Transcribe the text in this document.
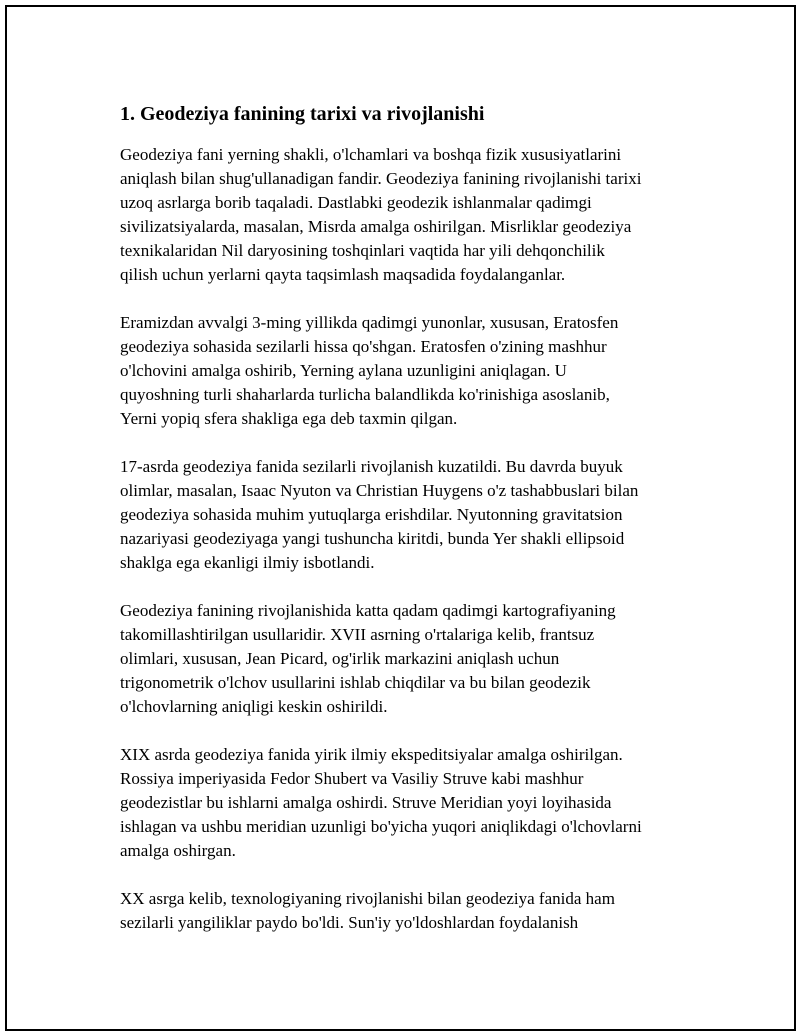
1. Geodeziya fanining tarixi va rivojlanishi

Geodeziya fani yerning shakli, o'lchamlari va boshqa fizik xususiyatlarini
aniqlash bilan shug'ullanadigan fandir. Geodeziya fanining rivojlanishi tarixi
uzoq asrlarga borib taqaladi. Dastlabki geodezik ishlanmalar qadimgi
sivilizatsiyalarda, masalan, Misrda amalga oshirilgan. Misrliklar geodeziya
texnikalaridan Nil daryosining toshqinlari vaqtida har yili dehqonchilik
qilish uchun yerlarni qayta taqsimlash maqsadida foydalanganlar.

Eramizdan avvalgi 3-ming yillikda qadimgi yunonlar, xususan, Eratosfen
geodeziya sohasida sezilarli hissa qo'shgan. Eratosfen o'zining mashhur
o'lchovini amalga oshirib, Yerning aylana uzunligini aniqlagan. U
quyoshning turli shaharlarda turlicha balandlikda ko'rinishiga asoslanib,
Yerni yopiq sfera shakliga ega deb taxmin qilgan.

17-asrda geodeziya fanida sezilarli rivojlanish kuzatildi. Bu davrda buyuk
olimlar, masalan, Isaac Nyuton va Christian Huygens o'z tashabbuslari bilan
geodeziya sohasida muhim yutuqlarga erishdilar. Nyutonning gravitatsion
nazariyasi geodeziyaga yangi tushuncha kiritdi, bunda Yer shakli ellipsoid
shaklga ega ekanligi ilmiy isbotlandi.

Geodeziya fanining rivojlanishida katta qadam qadimgi kartografiyaning
takomillashtirilgan usullaridir. XVII asrning o'rtalariga kelib, frantsuz
olimlari, xususan, Jean Picard, og'irlik markazini aniqlash uchun
trigonometrik o'lchov usullarini ishlab chiqdilar va bu bilan geodezik
o'lchovlarning aniqligi keskin oshirildi.

XIX asrda geodeziya fanida yirik ilmiy ekspeditsiyalar amalga oshirilgan.
Rossiya imperiyasida Fedor Shubert va Vasiliy Struve kabi mashhur
geodezistlar bu ishlarni amalga oshirdi. Struve Meridian yoyi loyihasida
ishlagan va ushbu meridian uzunligi bo'yicha yuqori aniqlikdagi o'lchovlarni
amalga oshirgan.

XX asrga kelib, texnologiyaning rivojlanishi bilan geodeziya fanida ham
sezilarli yangiliklar paydo bo'ldi. Sun'iy yo'ldoshlardan foydalanish
